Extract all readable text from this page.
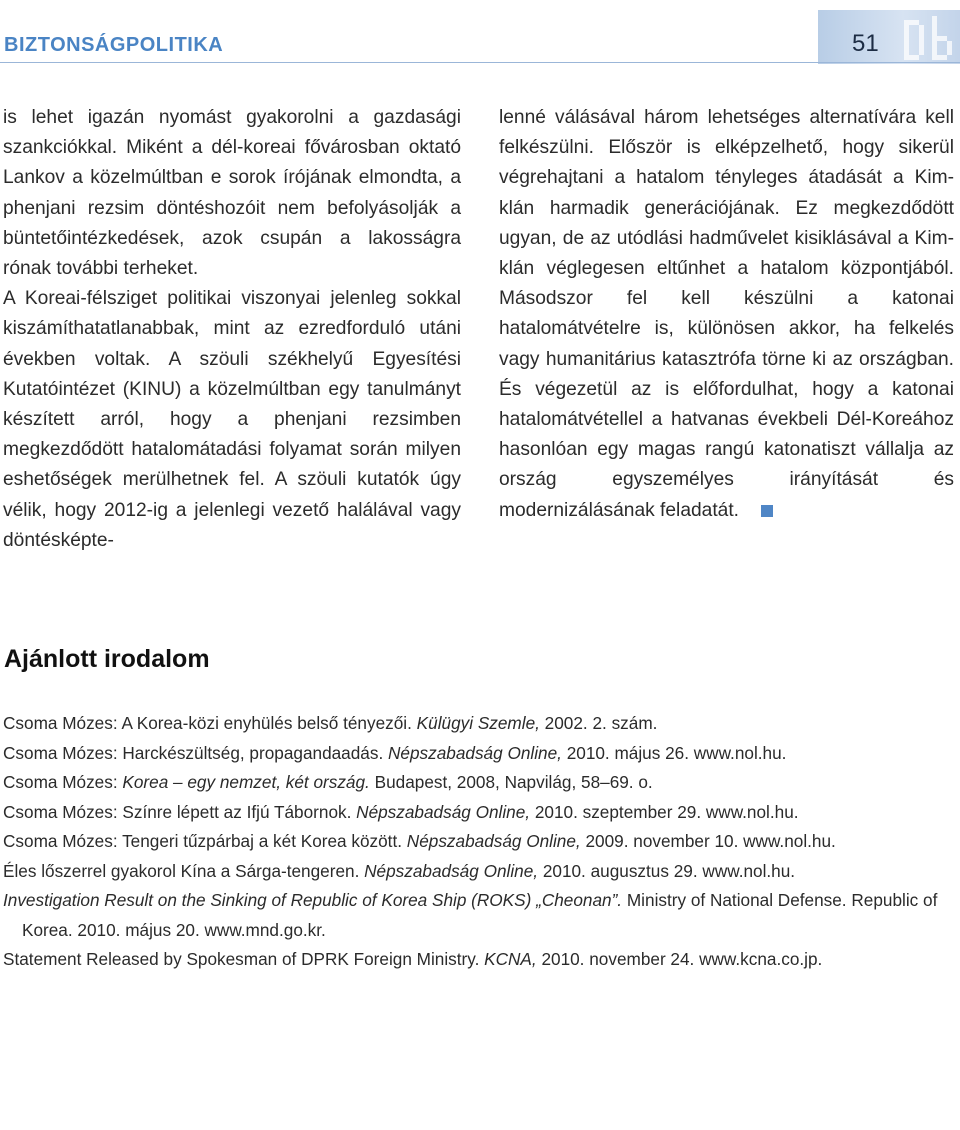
BIZTONSÁGPOLITIKA	51

is lehet igazán nyomást gyakorolni a gazdasági szankciókkal. Miként a dél-koreai fővárosban oktató Lankov a közelmúltban e sorok írójának elmondta, a phenjani rezsim döntéshozóit nem befolyásolják a büntetőintézkedések, azok csupán a lakosságra rónak további terheket.

A Koreai-félsziget politikai viszonyai jelenleg sokkal kiszámíthatatlanabbak, mint az ezredforduló utáni években voltak. A szöuli székhelyű Egyesítési Kutatóintézet (KINU) a közelmúltban egy tanulmányt készített arról, hogy a phenjani rezsimben megkezdődött hatalomátadási folyamat során milyen eshetőségek merülhetnek fel. A szöuli kutatók úgy vélik, hogy 2012-ig a jelenlegi vezető halálával vagy döntésképte-

lenné válásával három lehetséges alternatívára kell felkészülni. Először is elképzelhető, hogy sikerül végrehajtani a hatalom tényleges átadását a Kim-klán harmadik generációjának. Ez megkezdődött ugyan, de az utódlási hadművelet kisiklásával a Kim-klán véglegesen eltűnhet a hatalom központjából. Másodszor fel kell készülni a katonai hatalomátvételre is, különösen akkor, ha felkelés vagy humanitárius katasztrófa törne ki az országban. És végezetül az is előfordulhat, hogy a katonai hatalomátvétellel a hatvanas évekbeli Dél-Koreához hasonlóan egy magas rangú katonatiszt vállalja az ország egyszemélyes irányítását és modernizálásának feladatát.

Ajánlott irodalom
Csoma Mózes: A Korea-közi enyhülés belső tényezői. Külügyi Szemle, 2002. 2. szám.
Csoma Mózes: Harckészültség, propagandaadás. Népszabadság Online, 2010. május 26. www.nol.hu.
Csoma Mózes: Korea – egy nemzet, két ország. Budapest, 2008, Napvilág, 58–69. o.
Csoma Mózes: Színre lépett az Ifjú Tábornok. Népszabadság Online, 2010. szeptember 29. www.nol.hu.
Csoma Mózes: Tengeri tűzpárbaj a két Korea között. Népszabadság Online, 2009. november 10. www.nol.hu.
Éles lőszerrel gyakorol Kína a Sárga-tengeren. Népszabadság Online, 2010. augusztus 29. www.nol.hu.
Investigation Result on the Sinking of Republic of Korea Ship (ROKS) „Cheonan”. Ministry of National Defense. Republic of Korea. 2010. május 20. www.mnd.go.kr.
Statement Released by Spokesman of DPRK Foreign Ministry. KCNA, 2010. november 24. www.kcna.co.jp.
